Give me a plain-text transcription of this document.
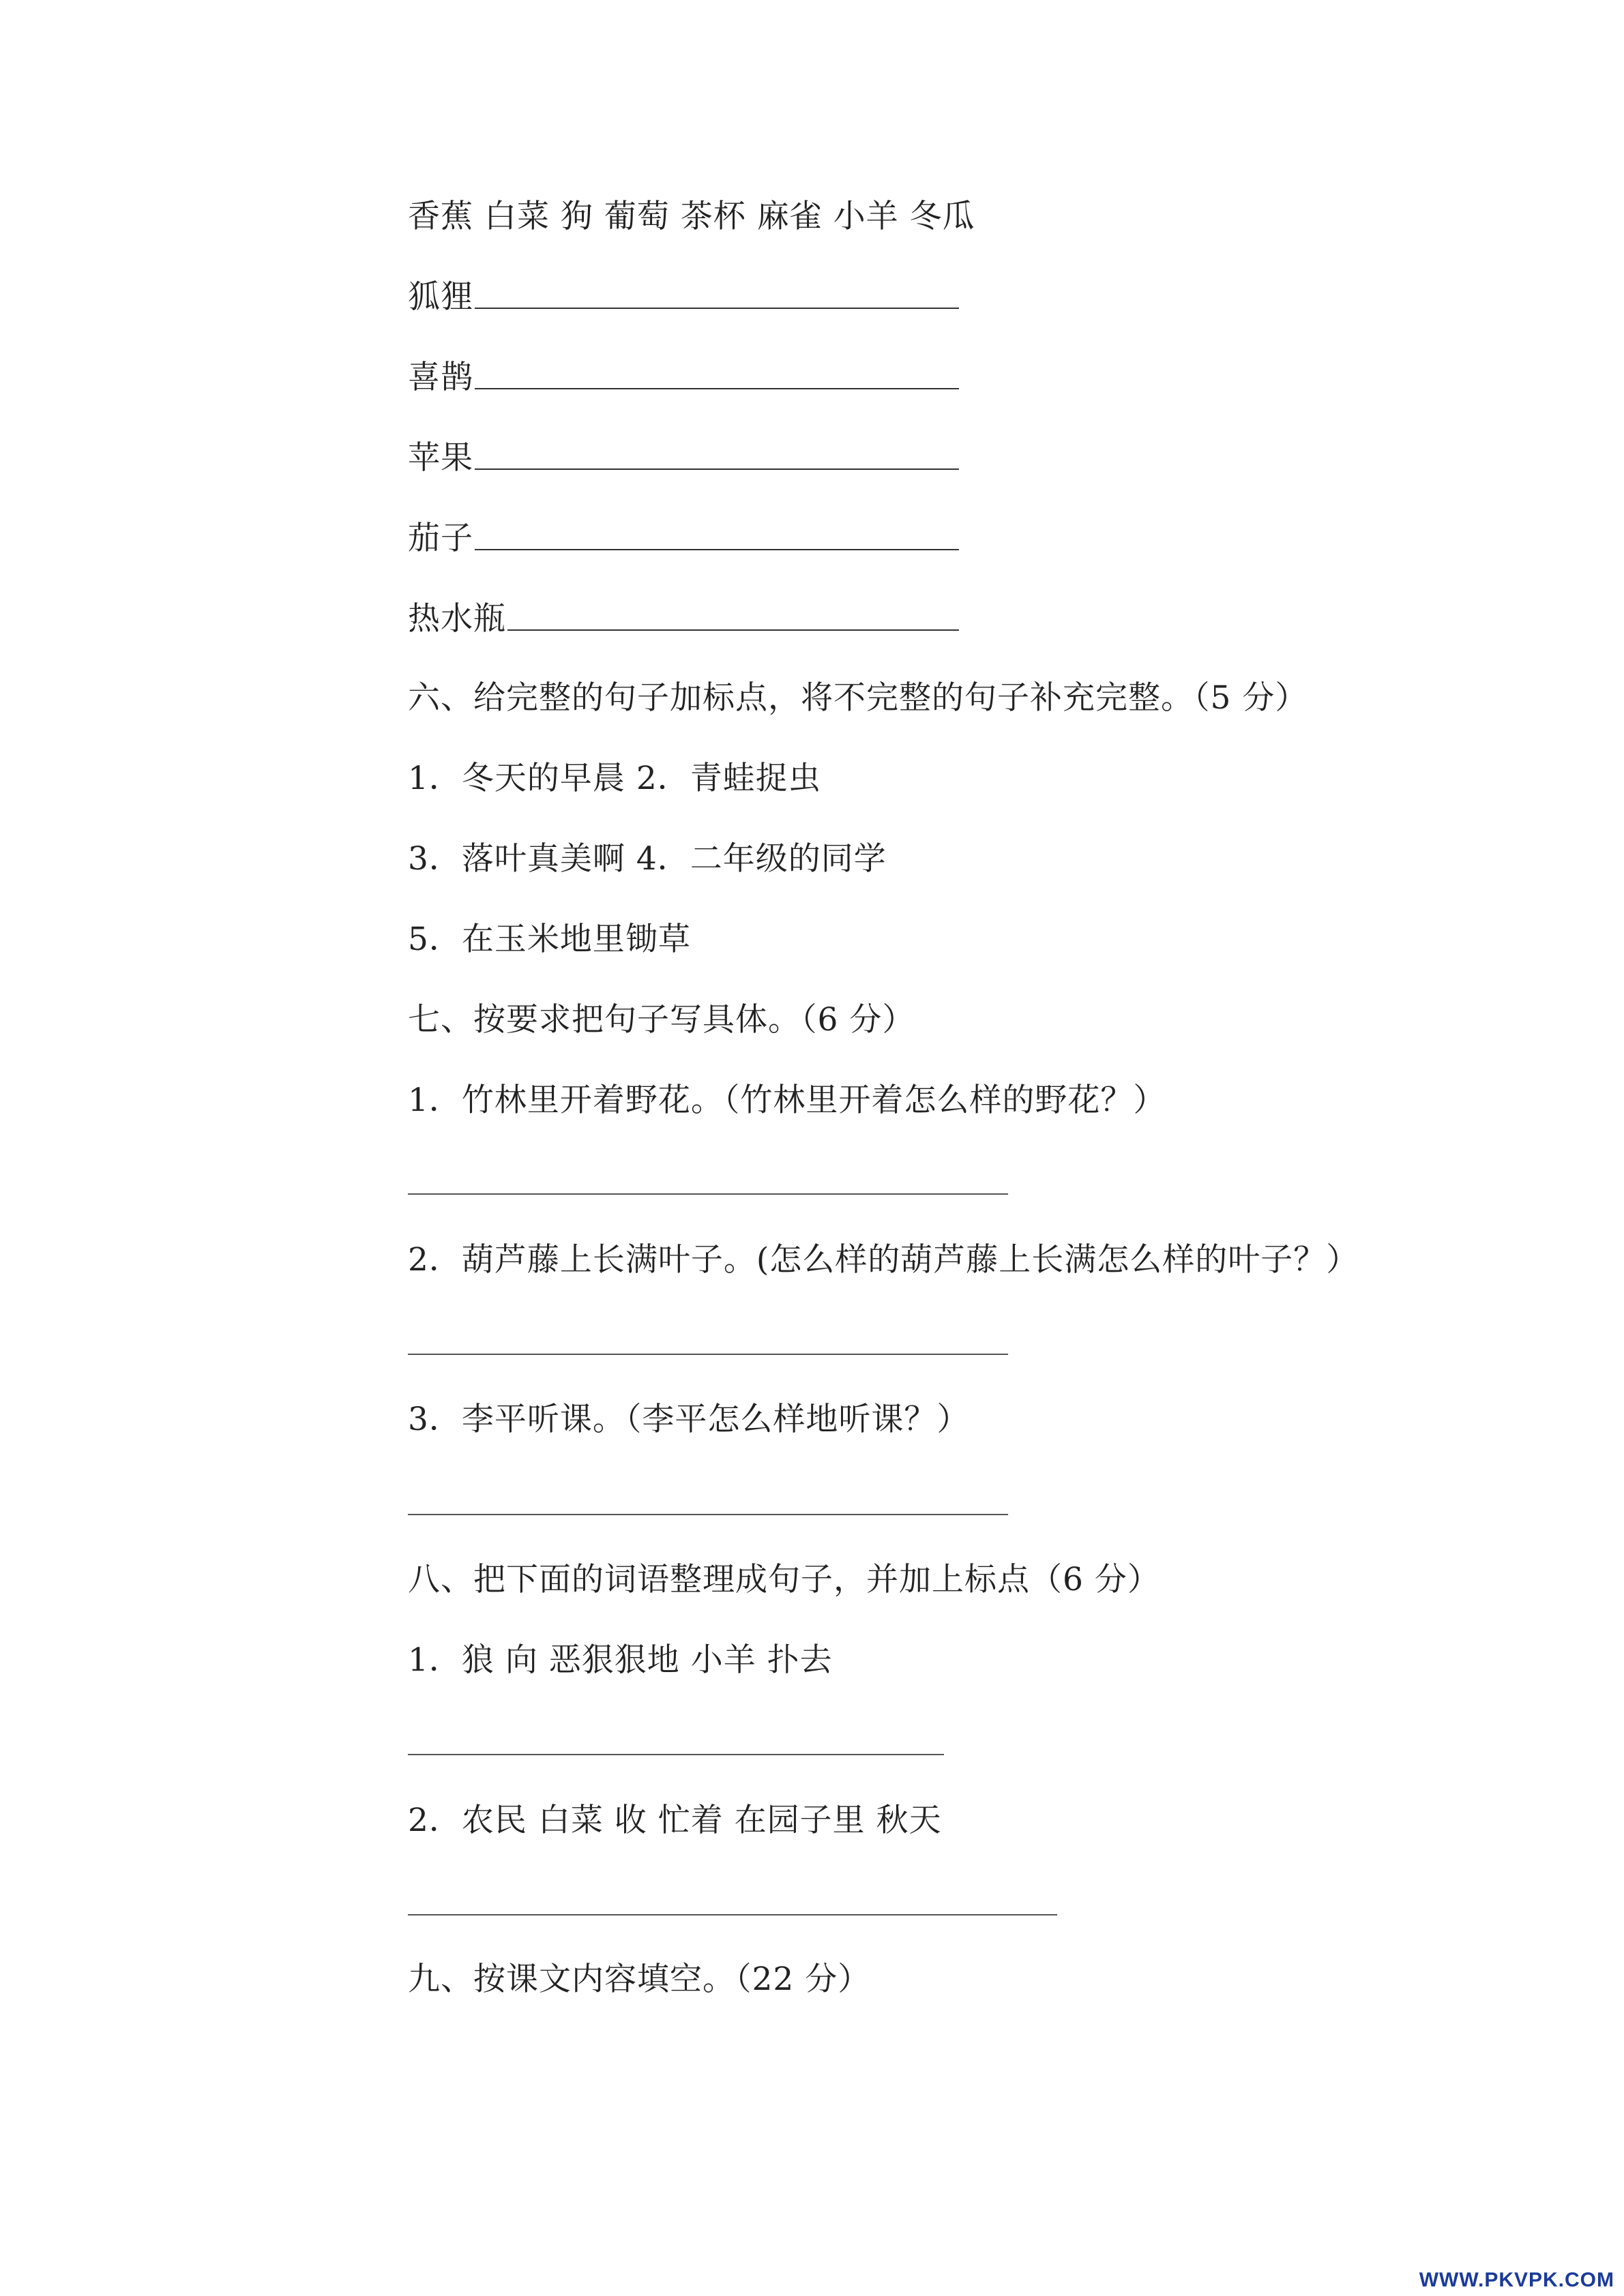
香蕉 白菜 狗 葡萄 茶杯 麻雀 小羊 冬瓜
狐狸
喜鹊
苹果
茄子
热水瓶
六、给完整的句子加标点，将不完整的句子补充完整。（5 分）
1．冬天的早晨 2．青蛙捉虫
3．落叶真美啊 4．二年级的同学
5．在玉米地里锄草
七、按要求把句子写具体。（6 分）
1．竹林里开着野花。（竹林里开着怎么样的野花？）
2．葫芦藤上长满叶子。(怎么样的葫芦藤上长满怎么样的叶子？）
3．李平听课。（李平怎么样地听课？）
八、把下面的词语整理成句子，并加上标点（6 分）
1．狼 向 恶狠狠地 小羊 扑去
2．农民 白菜 收 忙着 在园子里 秋天
九、按课文内容填空。（22 分）
WWW.PKVPK.COM
